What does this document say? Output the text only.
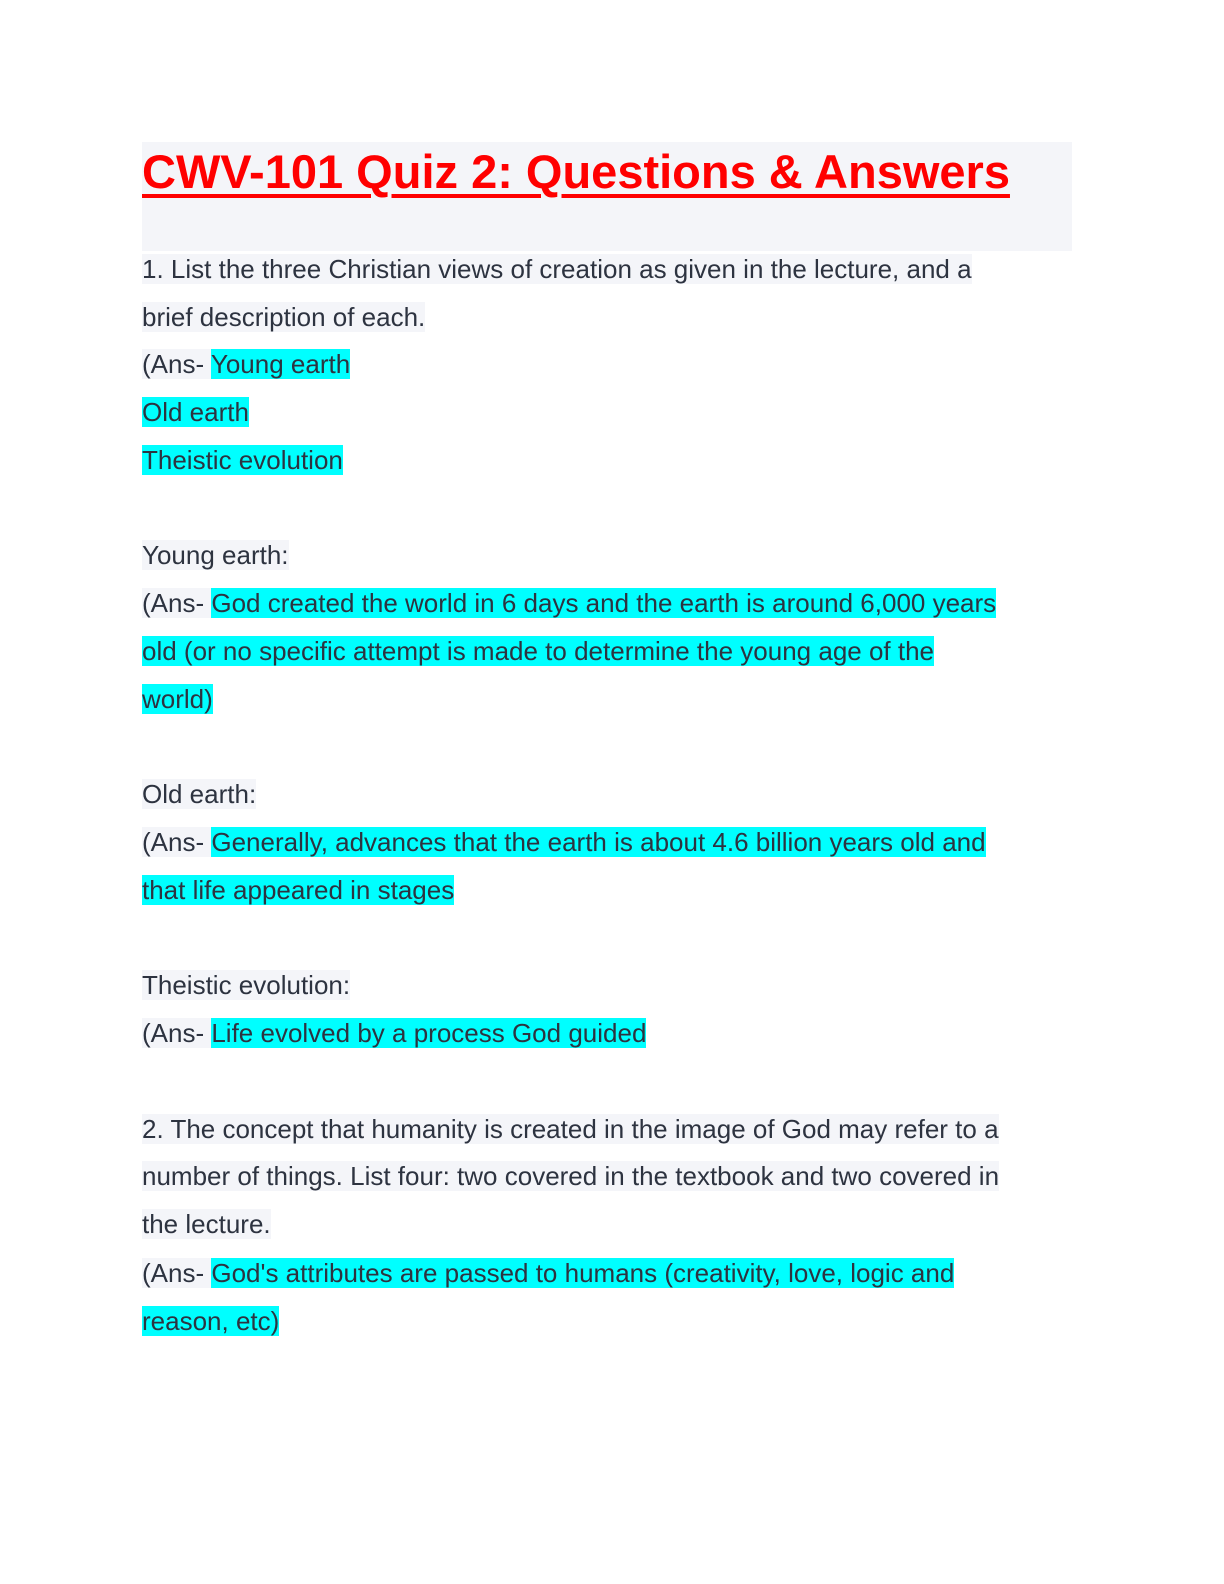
CWV-101 Quiz 2: Questions & Answers
1. List the three Christian views of creation as given in the lecture, and a
brief description of each.
(Ans- Young earth
Old earth
Theistic evolution
Young earth:
(Ans- God created the world in 6 days and the earth is around 6,000 years
old (or no specific attempt is made to determine the young age of the
world)
Old earth:
(Ans- Generally, advances that the earth is about 4.6 billion years old and
that life appeared in stages
Theistic evolution:
(Ans- Life evolved by a process God guided
2. The concept that humanity is created in the image of God may refer to a
number of things. List four: two covered in the textbook and two covered in
the lecture.
(Ans- God's attributes are passed to humans (creativity, love, logic and
reason, etc)
